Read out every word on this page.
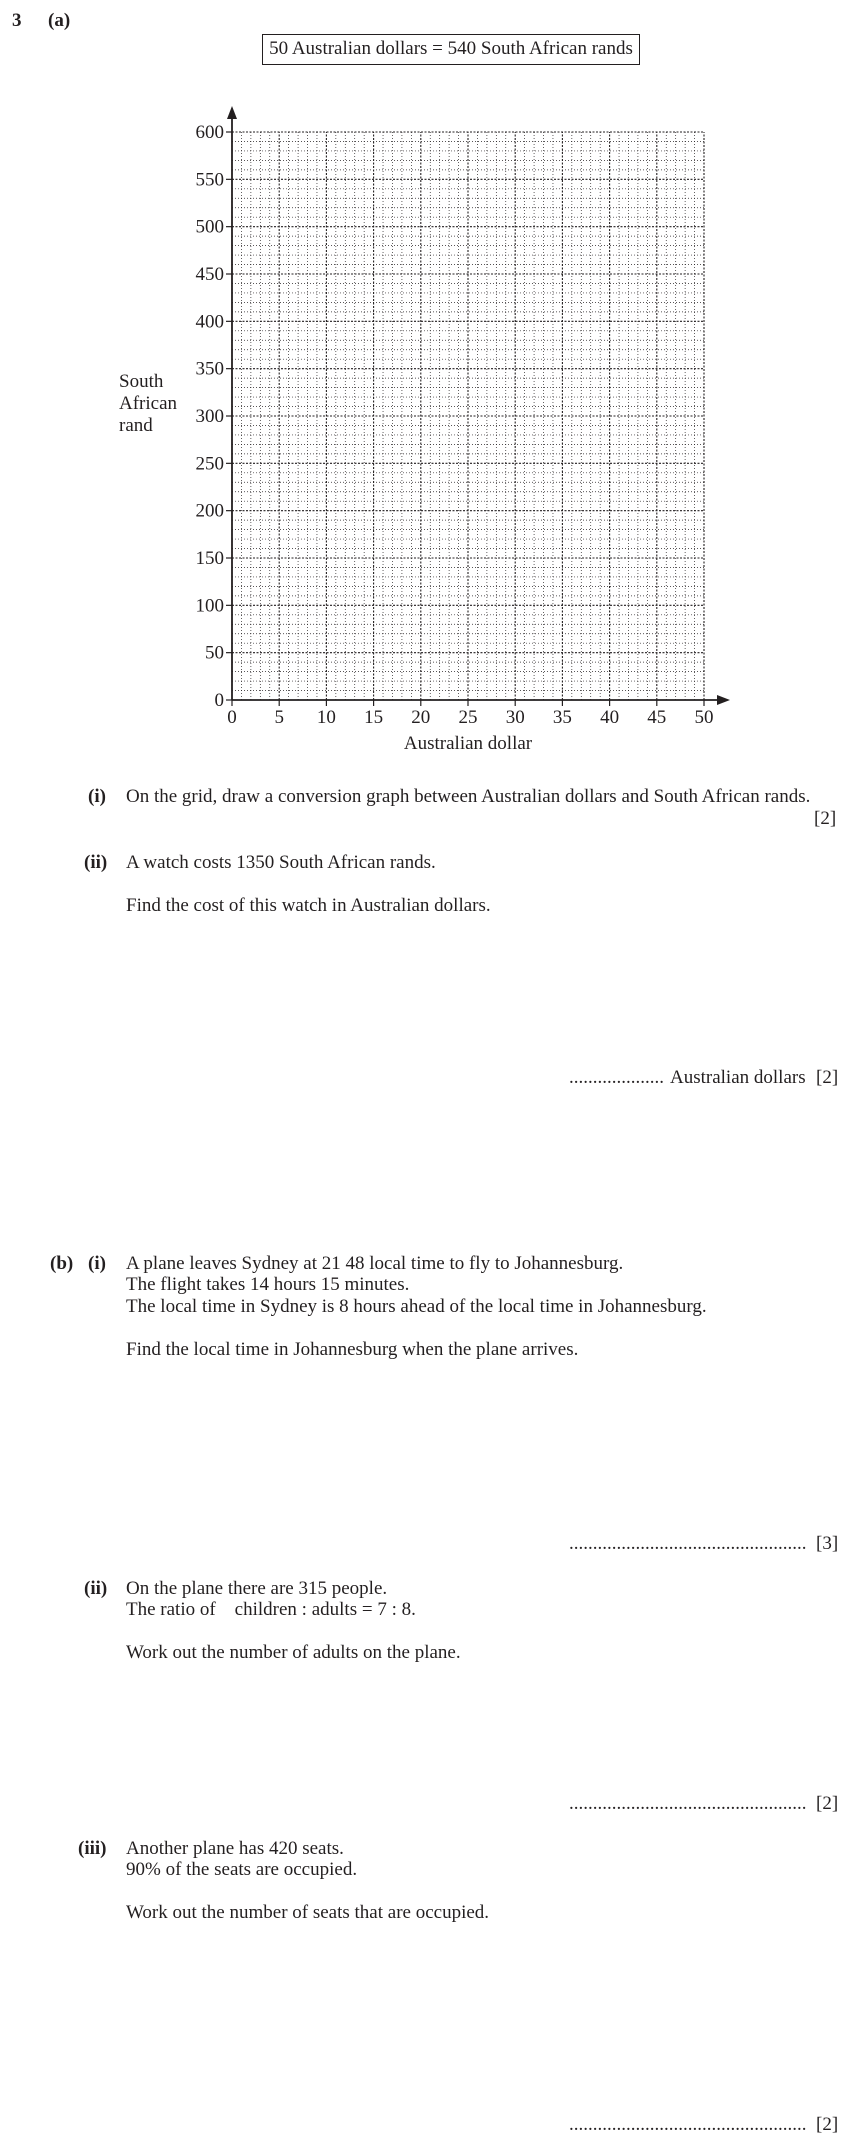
3 (a)
50 Australian dollars = 540 South African rands
0 5 10 15 20 25 30 35 40 45 50
0
50
100
150
200
250
300
350
400
450
500
550
600
South
African
rand
Australian dollar
(i) On the grid, draw a conversion graph between Australian dollars and South African rands.
[2]
(ii) A watch costs 1350 South African rands.
Find the cost of this watch in Australian dollars.
.................... Australian dollars [2]
(b) (i) A plane leaves Sydney at 21 48 local time to fly to Johannesburg.
The flight takes 14 hours 15 minutes.
The local time in Sydney is 8 hours ahead of the local time in Johannesburg.
Find the local time in Johannesburg when the plane arrives.
.................................................. [3]
(ii) On the plane there are 315 people.
The ratio of    children : adults = 7 : 8.
Work out the number of adults on the plane.
.................................................. [2]
(iii) Another plane has 420 seats.
90% of the seats are occupied.
Work out the number of seats that are occupied.
.................................................. [2]
